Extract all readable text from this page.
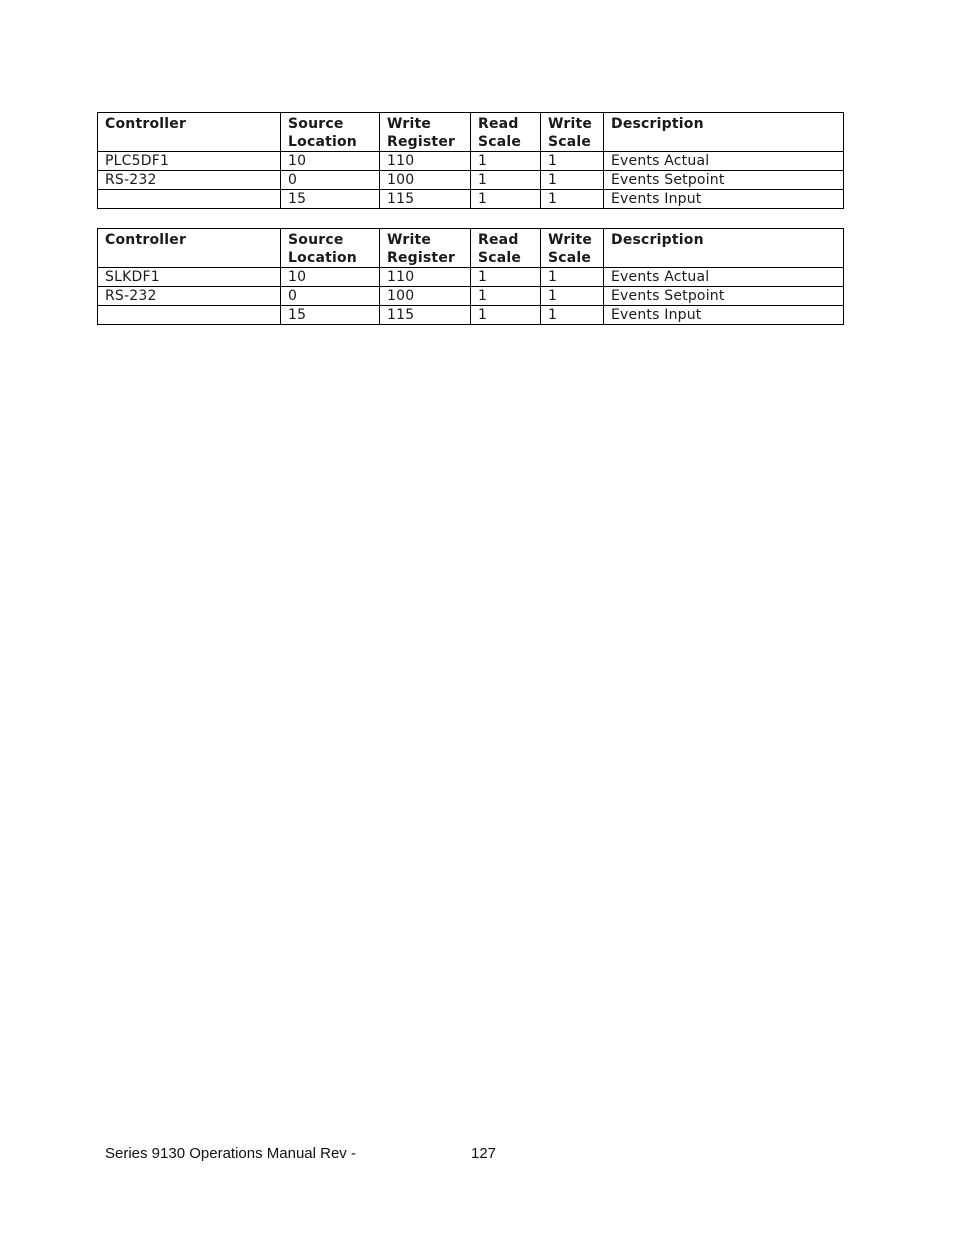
Controller	Source Location	Write Register	Read Scale	Write Scale	Description
PLC5DF1	10	110	1	1	Events Actual
RS-232	0	100	1	1	Events Setpoint
	15	115	1	1	Events Input
Controller	Source Location	Write Register	Read Scale	Write Scale	Description
SLKDF1	10	110	1	1	Events Actual
RS-232	0	100	1	1	Events Setpoint
	15	115	1	1	Events Input
Series 9130 Operations Manual Rev -	127
